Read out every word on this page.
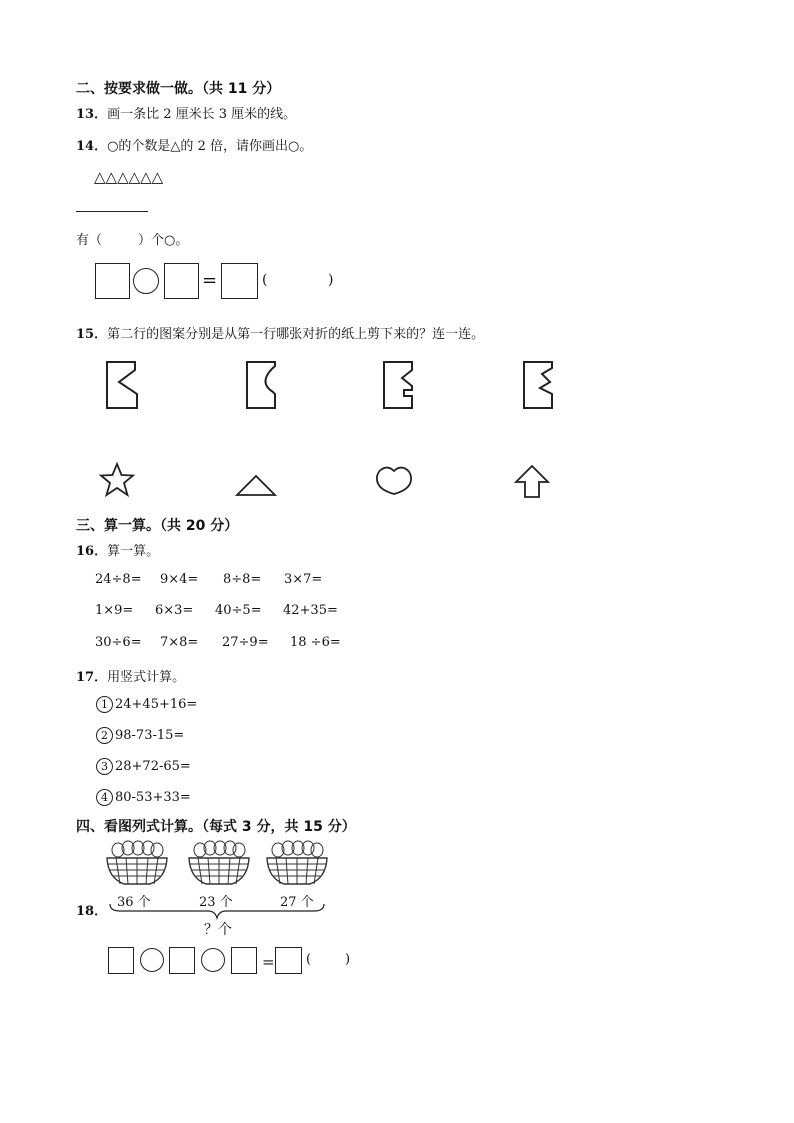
二、按要求做一做。（共 11 分）
13．画一条比 2 厘米长 3 厘米的线。
14．○的个数是△的 2 倍，请你画出○。
△△△△△△
有（	）个○。
=	(	)
15．第二行的图案分别是从第一行哪张对折的纸上剪下来的？连一连。
三、算一算。（共 20 分）
16．算一算。
24÷8= 9×4= 8÷8= 3×7=
1×9= 6×3= 40÷5= 42+35=
30÷6= 7×8= 27÷9= 18 ÷6=
17．用竖式计算。
1 24+45+16=
2 98-73-15=
3 28+72-65=
4 80-53+33=
四、看图列式计算。（每式 3 分，共 15 分）
18．
36 个	23 个	27 个
？个
= (	)
